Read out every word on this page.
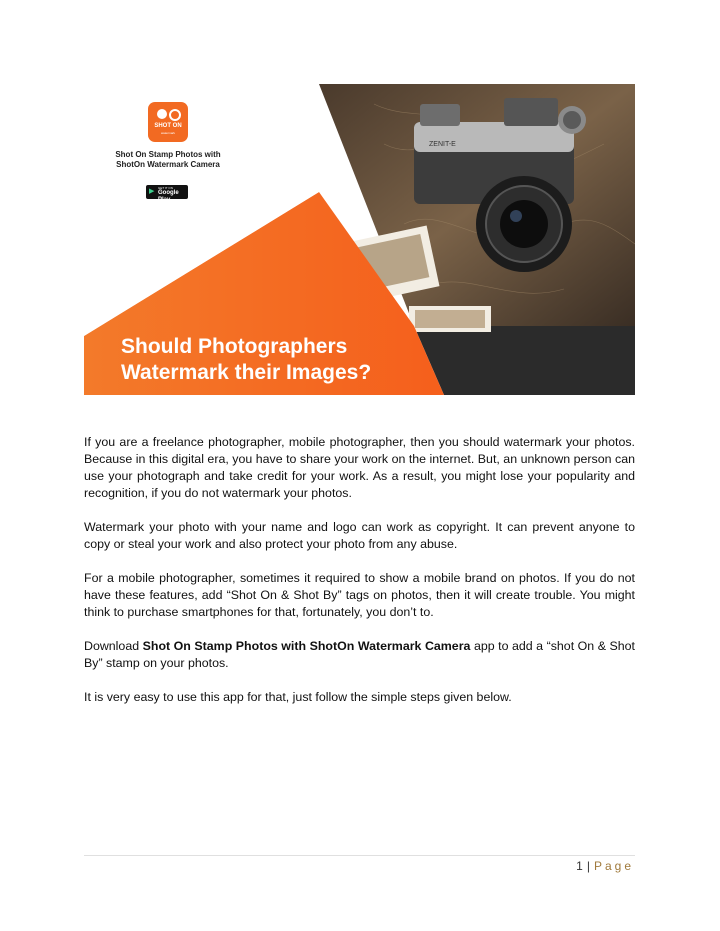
ZENIT-E
SHOT ON
watermark
Shot On Stamp Photos with
ShotOn Watermark Camera
▶ GET IT ON
Google Play
Should Photographers
Watermark their Images?

If you are a freelance photographer, mobile photographer, then you should watermark your photos. Because in this digital era, you have to share your work on the internet. But, an unknown person can use your photograph and take credit for your work. As a result, you might lose your popularity and recognition, if you do not watermark your photos.

Watermark your photo with your name and logo can work as copyright. It can prevent anyone to copy or steal your work and also protect your photo from any abuse.

For a mobile photographer, sometimes it required to show a mobile brand on photos. If you do not have these features, add “Shot On & Shot By” tags on photos, then it will create trouble. You might think to purchase smartphones for that, fortunately, you don’t to.

Download Shot On Stamp Photos with ShotOn Watermark Camera app to add a “shot On & Shot By” stamp on your photos.

It is very easy to use this app for that, just follow the simple steps given below.

1 | Page
